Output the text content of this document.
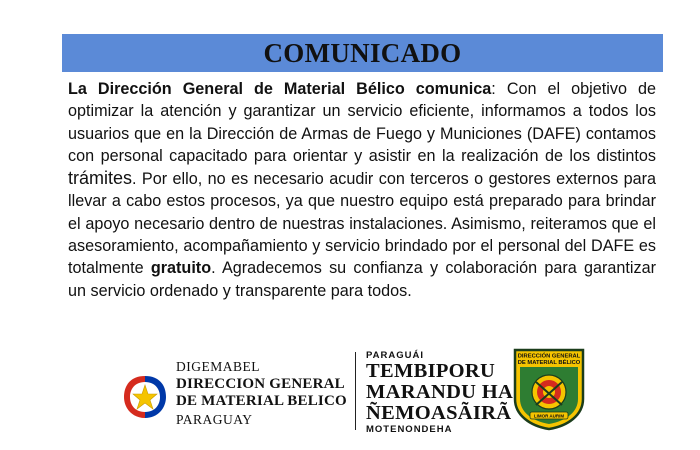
COMUNICADO
La Dirección General de Material Bélico comunica: Con el objetivo de optimizar la atención y garantizar un servicio eficiente, informamos a todos los usuarios que en la Dirección de Armas de Fuego y Municiones (DAFE) contamos con personal capacitado para orientar y asistir en la realización de los distintos trámites. Por ello, no es necesario acudir con terceros o gestores externos para llevar a cabo estos procesos, ya que nuestro equipo está preparado para brindar el apoyo necesario dentro de nuestras instalaciones. Asimismo, reiteramos que el asesoramiento, acompañamiento y servicio brindado por el personal del DAFE es totalmente gratuito. Agradecemos su confianza y colaboración para garantizar un servicio ordenado y transparente para todos.
DIGEMABEL
DIRECCION GENERAL
DE MATERIAL BELICO
PARAGUAY
PARAGUÁI
TEMBIPORU
MARANDU HA
ÑEMOASÃIRÃ
MOTENONDEHA
DIRECCIÓN GENERAL
DE MATERIAL BÉLICO
LIMOR AURIM
